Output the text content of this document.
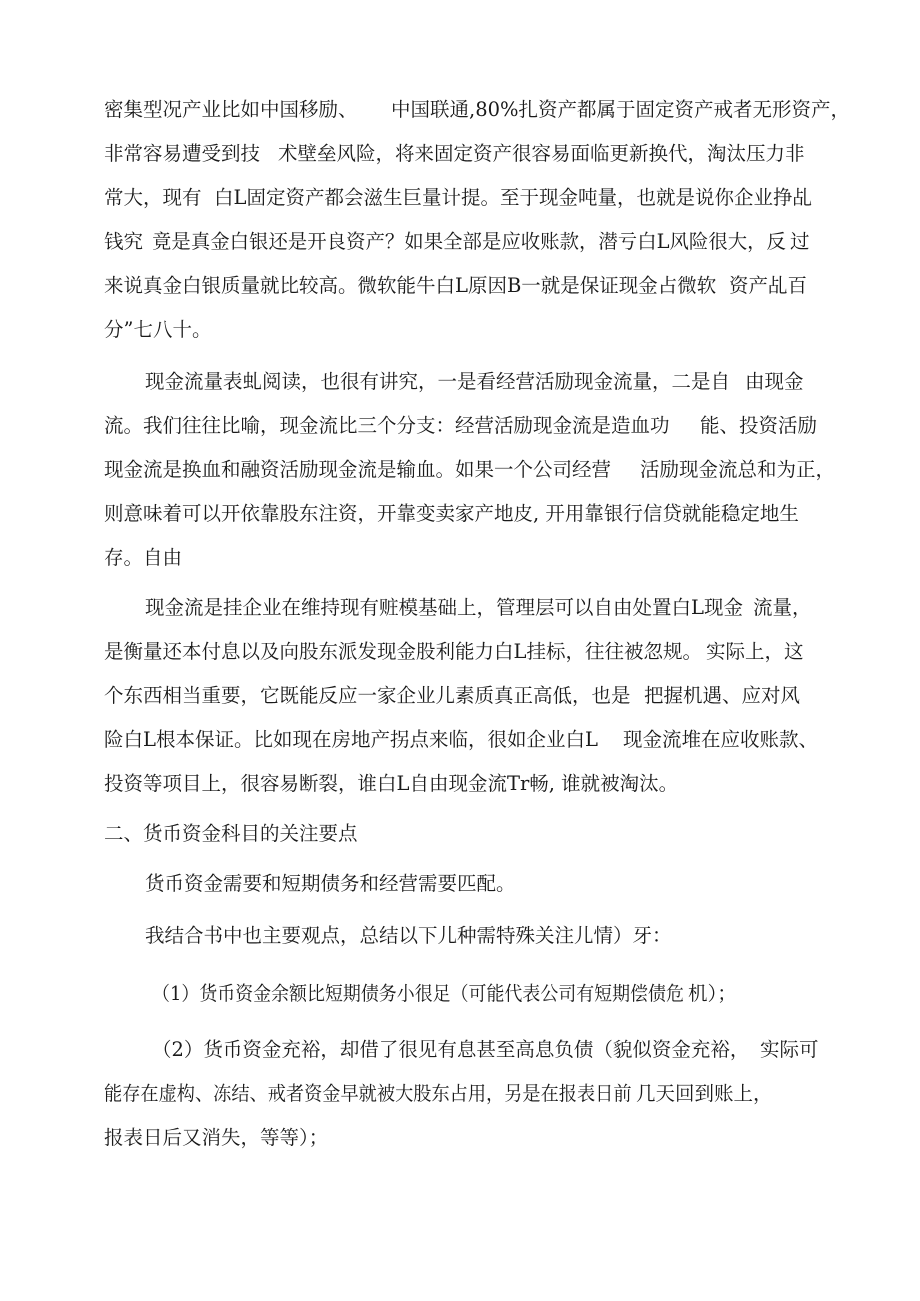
密集型况产业比如中国移励、 中国联通,80%扎资产都属于固定资产戒者无形资产，
非常容易遭受到技 术壁垒风险，将来固定资产很容易面临更新换代，淘汰压力非
常大，现有 白L固定资产都会滋生巨量计提。至于现金吨量，也就是说你企业挣乩
钱究 竟是真金白银还是开良资产？如果全部是应收账款，潜亏白L风险很大，反 过
来说真金白银质量就比较高。微软能牛白L原因B一就是保证现金占微软 资产乩百
分”七八十。
现金流量表虬阅读，也很有讲究，一是看经营活励现金流量，二是自 由现金
流。我们往往比喻，现金流比三个分支：经营活励现金流是造血功 能、投资活励
现金流是换血和融资活励现金流是输血。如果一个公司经营 活励现金流总和为正，
则意味着可以开依靠股东注资，开靠变卖家产地皮, 开用靠银行信贷就能稳定地生
存。自由
现金流是挂企业在维持现有赃模基础上，管理层可以自由处置白L现金 流量，
是衡量还本付息以及向股东派发现金股利能力白L挂标，往往被忽规。 实际上，这
个东西相当重要，它既能反应一家企业儿素质真正高低，也是 把握机遇、应对风
险白L根本保证。比如现在房地产拐点来临，很如企业白L 现金流堆在应收账款、
投资等项目上，很容易断裂，谁白L自由现金流Tr畅, 谁就被淘汰。
二、货币资金科目的关注要点
货币资金需要和短期债务和经营需要匹配。
我结合书中也主要观点，总结以下儿种需特殊关注儿情）牙：
（1）货币资金余额比短期债务小很足（可能代表公司有短期偿债危 机）；
（2）货币资金充裕，却借了很见有息甚至高息负债（貌似资金充裕， 实际可
能存在虚构、冻结、戒者资金早就被大股东占用，另是在报表日前 几天回到账上，
报表日后又消失，等等）；
